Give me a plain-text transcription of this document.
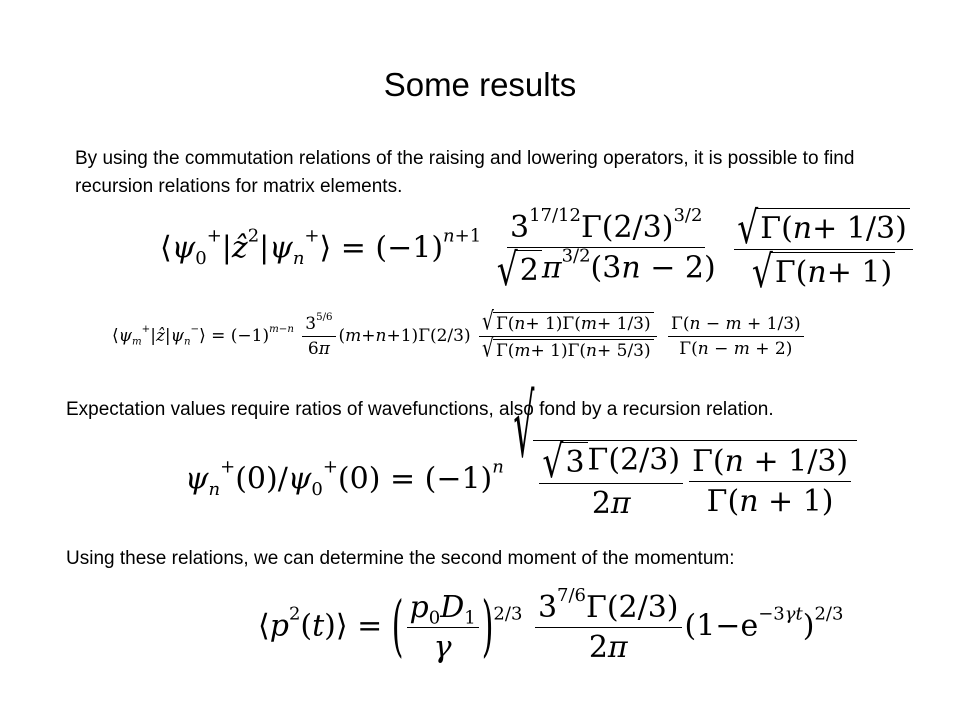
Some results
By using the commutation relations of the raising and lowering operators, it is possible to find recursion relations for matrix elements.
$⟨\psi_0^+|ẑ^2|\psi_n^+⟩ = (-1)^{n+1} \frac{3^{17/12}\Gamma(2/3)^{3/2}}{√ 2 \pi^{3/2}(3n - 2)}$
$\frac{√ \Gamma( n + 1/3)}{√ \Gamma( n + 1)}$
$⟨\psi_m^+|ẑ|\psi_n^-⟩ = (-1)^{m-n} \frac{3^{5/6}}{6\pi} (m+n+1)\Gamma(2/3) \frac{√ \Gamma( n + 1)\Gamma( m + 1/3)}{√ \Gamma( m + 1)\Gamma( n + 5/3)}$
$\frac{\Gamma(n - m + 1/3)}{\Gamma(n - m + 2)}$
Expectation values require ratios of wavefunctions, also fond by a recursion relation.
$\psi_n^+(0)/\psi_0^+(0) = (-1)^n$ √
$\frac{√ 3 \Gamma(2/3)}{2\pi} \frac{\Gamma(n + 1/3)}{\Gamma(n + 1)}$
Using these relations, we can determine the second moment of the momentum:
$⟨p^2(t)⟩$ = ( $\frac{p_0D_1}{\gamma} )^{2/3} \frac{3^{7/6}\Gamma(2/3)}{2\pi} (1-e^{-3\gamma t})^{2/3}$
